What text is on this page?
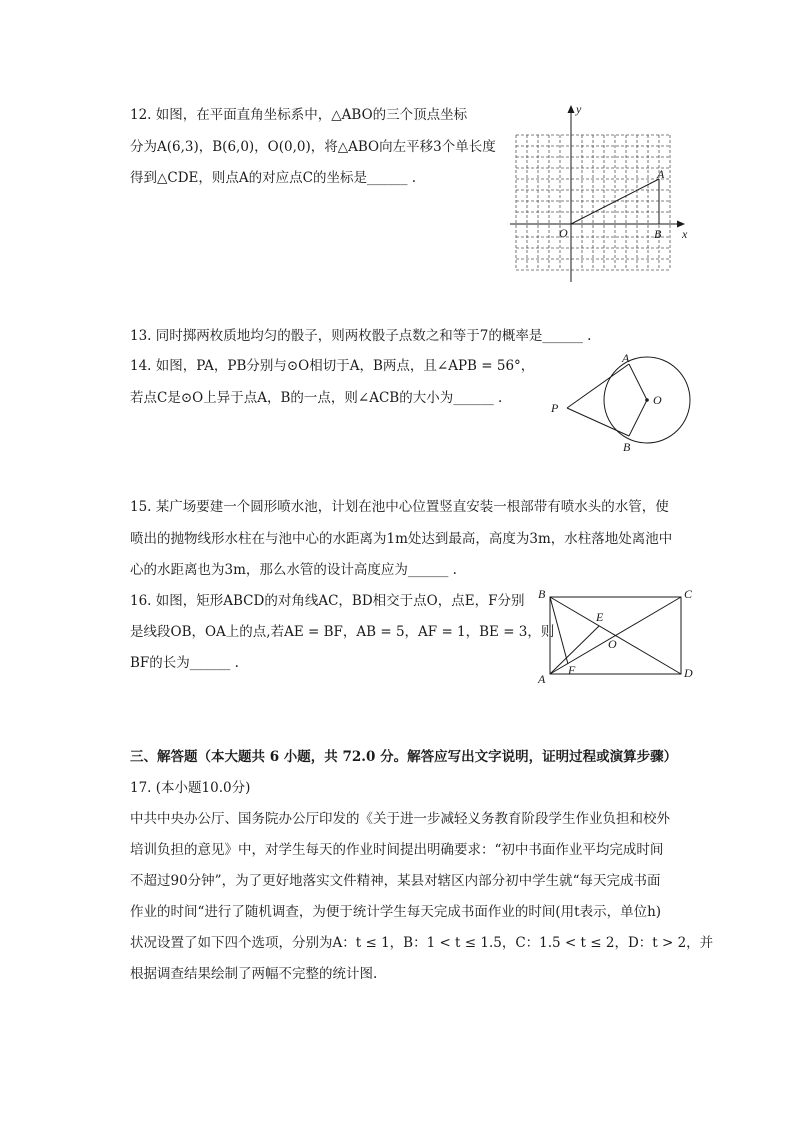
12. 如图，在平面直角坐标系中，△ABO的三个顶点坐标
分为A(6,3)，B(6,0)，O(0,0)，将△ABO向左平移3个单长度
得到△CDE，则点A的对应点C的坐标是______ .
y
x
O
A
B
13. 同时掷两枚质地均匀的骰子，则两枚骰子点数之和等于7的概率是______ .
14. 如图，PA，PB分别与⊙O相切于A，B两点，且∠APB = 56°，
若点C是⊙O上异于点A，B的一点，则∠ACB的大小为______ .
A
B
P
O
15. 某广场要建一个圆形喷水池，计划在池中心位置竖直安装一根部带有喷水头的水管，使
喷出的抛物线形水柱在与池中心的水距离为1m处达到最高，高度为3m，水柱落地处离池中
心的水距离也为3m，那么水管的设计高度应为______ .
16. 如图，矩形ABCD的对角线AC，BD相交于点O，点E，F分别
是线段OB，OA上的点,若AE = BF，AB = 5，AF = 1，BE = 3，则
BF的长为______ .
B	C
A	D
E
O
F
三、解答题（本大题共 6 小题，共 72.0 分。解答应写出文字说明，证明过程或演算步骤）
17. (本小题10.0分)
中共中央办公厅、国务院办公厅印发的《关于进一步减轻义务教育阶段学生作业负担和校外
培训负担的意见》中，对学生每天的作业时间提出明确要求：“初中书面作业平均完成时间
不超过90分钟”，为了更好地落实文件精神，某县对辖区内部分初中学生就“每天完成书面
作业的时间“进行了随机调查，为便于统计学生每天完成书面作业的时间(用t表示，单位h)
状况设置了如下四个选项，分别为A：t ≤ 1，B：1 < t ≤ 1.5，C：1.5 < t ≤ 2，D：t > 2，并
根据调查结果绘制了两幅不完整的统计图.
